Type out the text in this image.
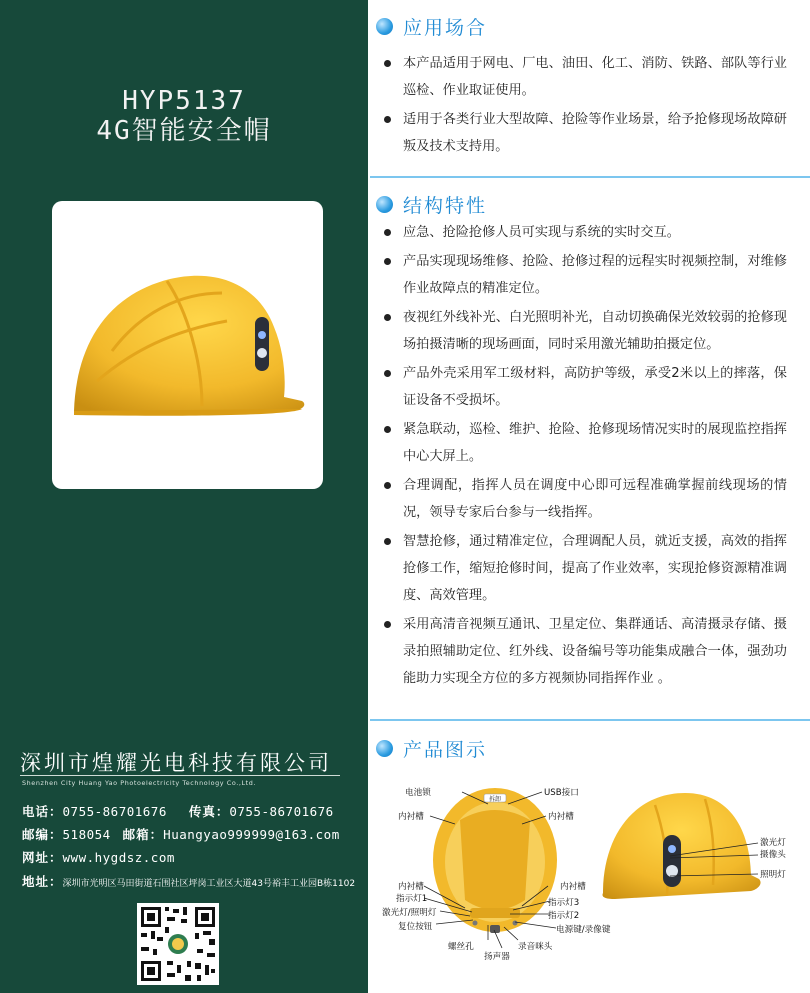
HYP5137
4G智能安全帽
深圳市煌耀光电科技有限公司
Shenzhen City Huang Yao Photoelectricity Technology Co.,Ltd.
电话：0755-86701676 传真：0755-86701676
邮编：518054 邮箱：Huangyao999999@163.com
网址：www.hygdsz.com
地址：深圳市光明区马田街道石围社区坪岗工业区大道43号裕丰工业园B栋1102
应用场合
本产品适用于网电、厂电、油田、化工、消防、铁路、部队等行业巡检、作业取证使用。
适用于各类行业大型故障、抢险等作业场景，给予抢修现场故障研叛及技术支持用。
结构特性
应急、抢险抢修人员可实现与系统的实时交互。
产品实现现场维修、抢险、抢修过程的远程实时视频控制，对维修作业故障点的精准定位。
夜视红外线补光、白光照明补光，自动切换确保光效较弱的抢修现场拍摄清晰的现场画面，同时采用激光辅助拍摄定位。
产品外壳采用军工级材料，高防护等级，承受2米以上的摔落，保证设备不受损坏。
紧急联动，巡检、维护、抢险、抢修现场情况实时的展现监控指挥中心大屏上。
合理调配，指挥人员在调度中心即可远程准确掌握前线现场的情况，领导专家后台参与一线指挥。
智慧抢修，通过精准定位，合理调配人员，就近支援，高效的指挥抢修工作，缩短抢修时间，提高了作业效率，实现抢修资源精准调度、高效管理。
采用高清音视频互通讯、卫星定位、集群通话、高清摄录存储、摄录拍照辅助定位、红外线、设备编号等功能集成融合一体，强劲功能助力实现全方位的多方视频协同指挥作业 。
产品图示
拆卸
电池锁	USB接口
内衬槽	内衬槽
内衬槽	内衬槽
指示灯1	指示灯3
激光灯/照明灯	指示灯2
复位按钮	电源键/录像键
螺丝孔
扬声器
录音咪头
激光灯
摄像头
照明灯
